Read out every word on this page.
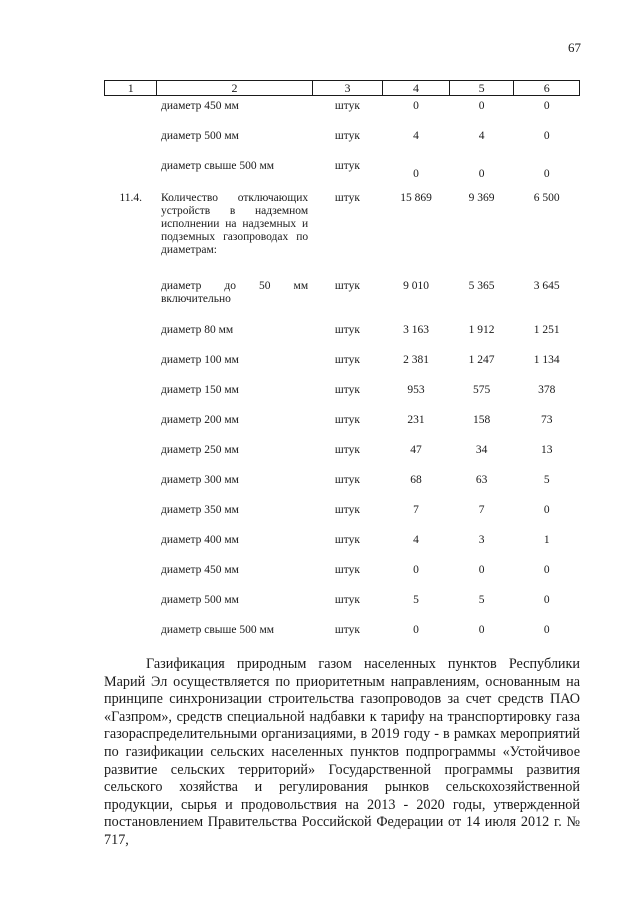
67
1	2	3	4	5	6
	диаметр 450 мм	штук	0	0	0
	диаметр 500 мм	штук	4	4	0
	диаметр свыше 500 мм	штук	0	0	0
11.4.	Количество отключающих устройств в надземном исполнении на надземных и подземных газопроводах по диаметрам:	штук	15 869	9 369	6 500
	диаметр до 50 мм включительно	штук	9 010	5 365	3 645
	диаметр 80 мм	штук	3 163	1 912	1 251
	диаметр 100 мм	штук	2 381	1 247	1 134
	диаметр 150 мм	штук	953	575	378
	диаметр 200 мм	штук	231	158	73
	диаметр 250 мм	штук	47	34	13
	диаметр 300 мм	штук	68	63	5
	диаметр 350 мм	штук	7	7	0
	диаметр 400 мм	штук	4	3	1
	диаметр 450 мм	штук	0	0	0
	диаметр 500 мм	штук	5	5	0
	диаметр свыше 500 мм	штук	0	0	0

Газификация природным газом населенных пунктов Республики Марий Эл осуществляется по приоритетным направлениям, основанным на принципе синхронизации строительства газопроводов за счет средств ПАО «Газпром», средств специальной надбавки к тарифу на транспортировку газа газораспределительными организациями, в 2019 году - в рамках мероприятий по газификации сельских населенных пунктов подпрограммы «Устойчивое развитие сельских территорий» Государственной программы развития сельского хозяйства и регулирования рынков сельскохозяйственной продукции, сырья и продовольствия на 2013 - 2020 годы, утвержденной постановлением Правительства Российской Федерации от 14 июля 2012 г. № 717,
